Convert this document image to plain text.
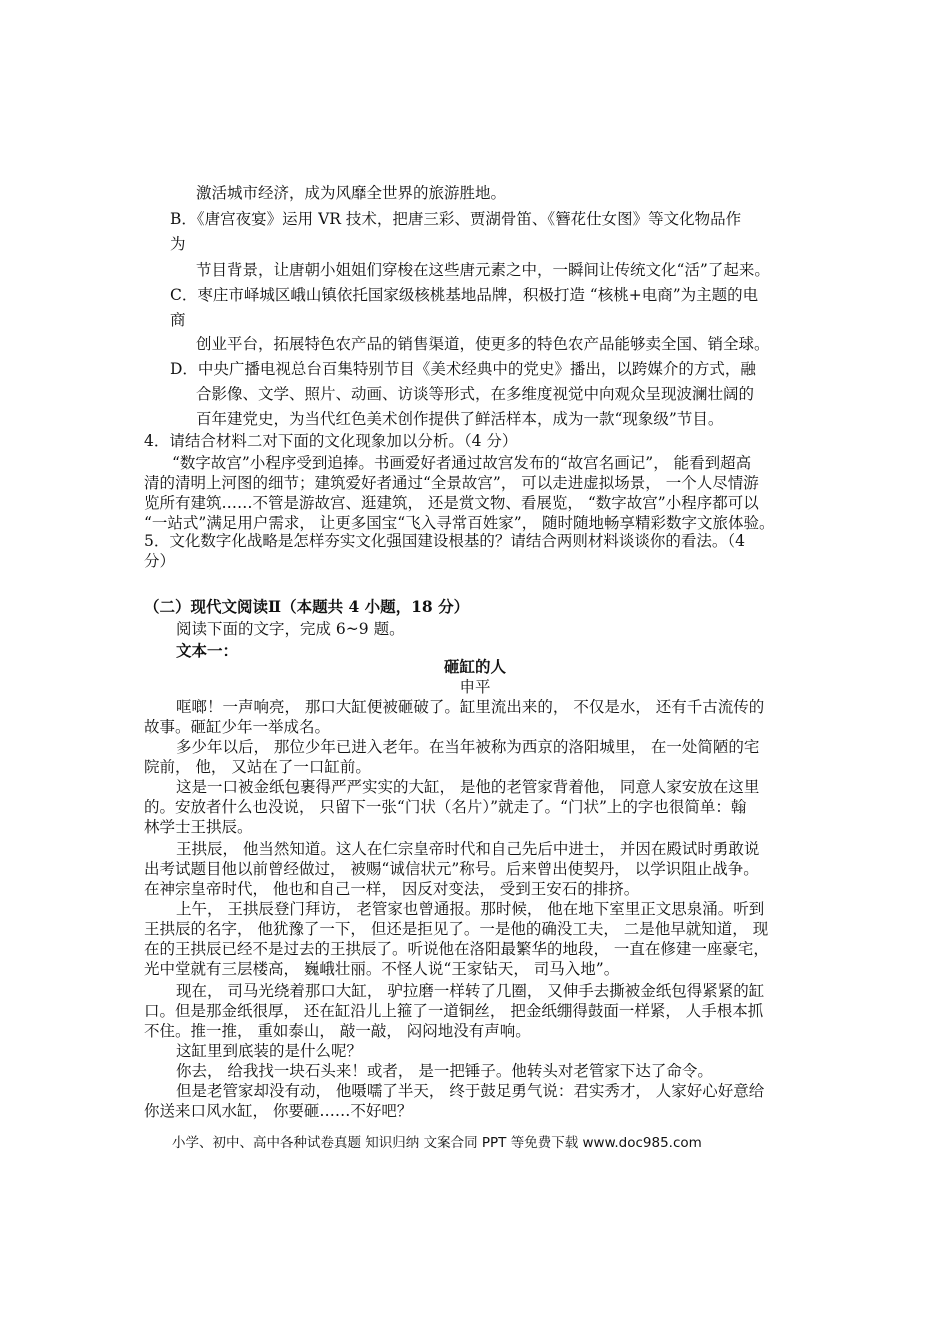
激活城市经济，成为风靡全世界的旅游胜地。
B．《唐宫夜宴》运用 VR 技术，把唐三彩、贾湖骨笛、《簪花仕女图》等文化物品作
为
节目背景，让唐朝小姐姐们穿梭在这些唐元素之中，一瞬间让传统文化“活”了起来。
C．枣庄市峄城区峨山镇依托国家级核桃基地品牌，积极打造 “核桃+电商”为主题的电
商
创业平台，拓展特色农产品的销售渠道，使更多的特色农产品能够卖全国、销全球。
D．中央广播电视总台百集特别节目《美术经典中的党史》播出，以跨媒介的方式，融
合影像、文学、照片、动画、访谈等形式，在多维度视觉中向观众呈现波澜壮阔的
百年建党史，为当代红色美术创作提供了鲜活样本，成为一款“现象级”节目。
4．请结合材料二对下面的文化现象加以分析。（4 分）
“数字故宫”小程序受到追捧。书画爱好者通过故宫发布的“故宫名画记”， 能看到超高
清的清明上河图的细节；建筑爱好者通过“全景故宫”， 可以走进虚拟场景， 一个人尽情游
览所有建筑……不管是游故宫、逛建筑， 还是赏文物、看展览， “数字故宫”小程序都可以
“一站式”满足用户需求， 让更多国宝“飞入寻常百姓家”， 随时随地畅享精彩数字文旅体验。
5．文化数字化战略是怎样夯实文化强国建设根基的？请结合两则材料谈谈你的看法。（4
分）
（二）现代文阅读Ⅱ（本题共 4 小题，18 分）
阅读下面的文字，完成 6~9 题。
文本一：
砸缸的人
申平
哐啷！一声响亮， 那口大缸便被砸破了。缸里流出来的， 不仅是水， 还有千古流传的
故事。砸缸少年一举成名。
多少年以后， 那位少年已进入老年。在当年被称为西京的洛阳城里， 在一处简陋的宅
院前， 他， 又站在了一口缸前。
这是一口被金纸包裹得严严实实的大缸， 是他的老管家背着他， 同意人家安放在这里
的。安放者什么也没说， 只留下一张“门状（名片）”就走了。“门状”上的字也很简单：翰
林学士王拱辰。
王拱辰， 他当然知道。这人在仁宗皇帝时代和自己先后中进士， 并因在殿试时勇敢说
出考试题目他以前曾经做过， 被赐“诚信状元”称号。后来曾出使契丹， 以学识阻止战争。
在神宗皇帝时代， 他也和自己一样， 因反对变法， 受到王安石的排挤。
上午， 王拱辰登门拜访， 老管家也曾通报。那时候， 他在地下室里正文思泉涌。听到
王拱辰的名字， 他犹豫了一下， 但还是拒见了。一是他的确没工夫， 二是他早就知道， 现
在的王拱辰已经不是过去的王拱辰了。听说他在洛阳最繁华的地段， 一直在修建一座豪宅，
光中堂就有三层楼高， 巍峨壮丽。不怪人说“王家钻天， 司马入地”。
现在， 司马光绕着那口大缸， 驴拉磨一样转了几圈， 又伸手去撕被金纸包得紧紧的缸
口。但是那金纸很厚， 还在缸沿儿上箍了一道铜丝， 把金纸绷得鼓面一样紧， 人手根本抓
不住。推一推， 重如泰山， 敲一敲， 闷闷地没有声响。
这缸里到底装的是什么呢？
你去， 给我找一块石头来！或者， 是一把锤子。他转头对老管家下达了命令。
但是老管家却没有动， 他嗫嚅了半天， 终于鼓足勇气说：君实秀才， 人家好心好意给
你送来口风水缸， 你要砸……不好吧？
小学、初中、高中各种试卷真题 知识归纳 文案合同 PPT 等免费下载 www.doc985.com
